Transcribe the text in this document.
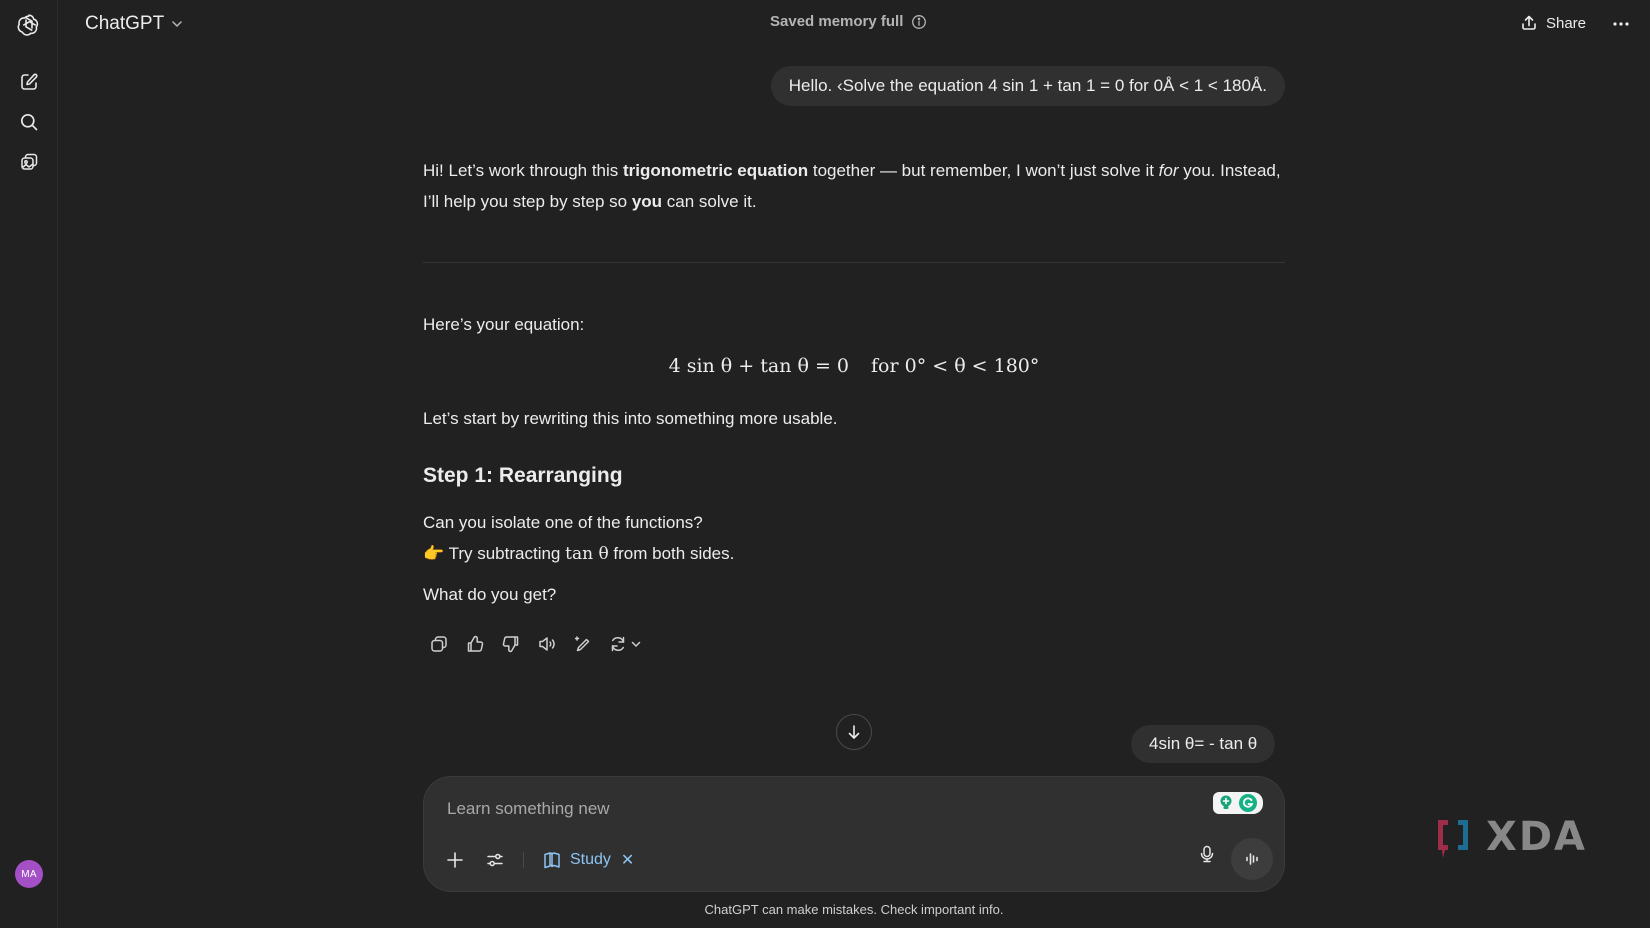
MA
ChatGPT	Saved memory full	Share
Hello. ‹Solve the equation 4 sin 1 + tan 1 = 0 for 0Å < 1 < 180Å.

Hi! Let’s work through this trigonometric equation together — but remember, I won’t just solve it for you. Instead, I’ll help you step by step so you can solve it.

Here’s your equation:

4 sin θ + tan θ = 0 for 0° < θ < 180°

Let’s start by rewriting this into something more usable.

Step 1: Rearranging

Can you isolate one of the functions?

👉 Try subtracting tan θ from both sides.

What do you get?

4sin θ= - tan θ
Learn something new
Study ✕
ChatGPT can make mistakes. Check important info.
XDA
